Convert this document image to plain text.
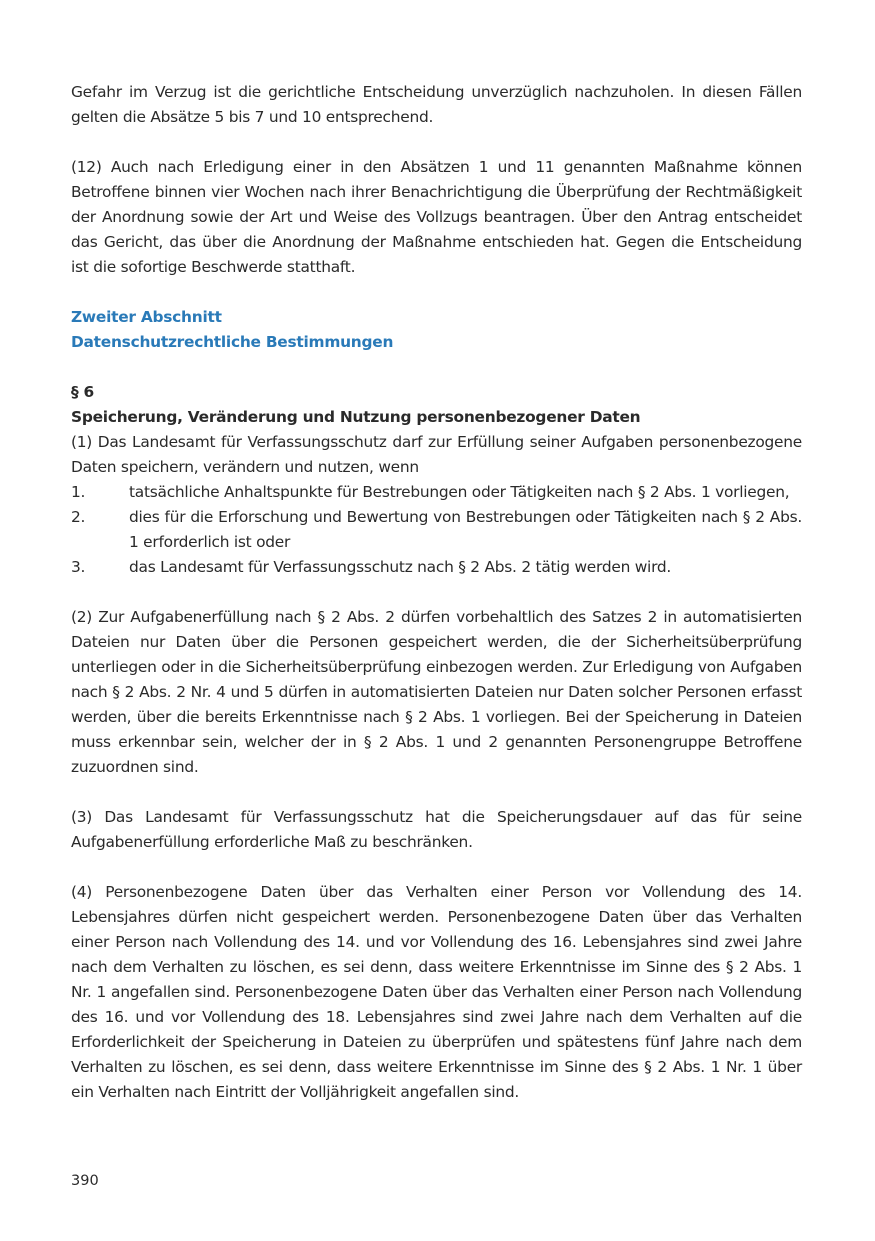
Gefahr im Verzug ist die gerichtliche Entscheidung unverzüglich nachzuholen. In diesen Fällen gelten die Absätze 5 bis 7 und 10 entsprechend.

(12) Auch nach Erledigung einer in den Absätzen 1 und 11 genannten Maßnahme können Betroffene binnen vier Wochen nach ihrer Benachrichtigung die Überprüfung der Rechtmäßigkeit der Anordnung sowie der Art und Weise des Vollzugs beantragen. Über den Antrag entscheidet das Gericht, das über die Anordnung der Maßnahme entschieden hat. Gegen die Entscheidung ist die sofortige Beschwerde statthaft.

Zweiter Abschnitt
Datenschutzrechtliche Bestimmungen
§ 6
Speicherung, Veränderung und Nutzung personenbezogener Daten

(1) Das Landesamt für Verfassungsschutz darf zur Erfüllung seiner Aufgaben personenbezogene Daten speichern, verändern und nutzen, wenn

1.	tatsächliche Anhaltspunkte für Bestrebungen oder Tätigkeiten nach § 2 Abs. 1 vorliegen,
2.	dies für die Erforschung und Bewertung von Bestrebungen oder Tätigkeiten nach § 2 Abs. 1 erforderlich ist oder
3.	das Landesamt für Verfassungsschutz nach § 2 Abs. 2 tätig werden wird.

(2) Zur Aufgabenerfüllung nach § 2 Abs. 2 dürfen vorbehaltlich des Satzes 2 in automatisierten Dateien nur Daten über die Personen gespeichert werden, die der Sicherheitsüberprüfung unterliegen oder in die Sicherheitsüberprüfung einbezogen werden. Zur Erledigung von Aufgaben nach § 2 Abs. 2 Nr. 4 und 5 dürfen in automatisierten Dateien nur Daten solcher Personen erfasst werden, über die bereits Erkenntnisse nach § 2 Abs. 1 vorliegen. Bei der Speicherung in Dateien muss erkennbar sein, welcher der in § 2 Abs. 1 und 2 genannten Personengruppe Betroffene zuzuordnen sind.

(3) Das Landesamt für Verfassungsschutz hat die Speicherungsdauer auf das für seine Aufgabenerfüllung erforderliche Maß zu beschränken.

(4) Personenbezogene Daten über das Verhalten einer Person vor Vollendung des 14. Lebensjahres dürfen nicht gespeichert werden. Personenbezogene Daten über das Verhalten einer Person nach Vollendung des 14. und vor Vollendung des 16. Lebensjahres sind zwei Jahre nach dem Verhalten zu löschen, es sei denn, dass weitere Erkenntnisse im Sinne des § 2 Abs. 1 Nr. 1 angefallen sind. Personenbezogene Daten über das Verhalten einer Person nach Vollendung des 16. und vor Vollendung des 18. Lebensjahres sind zwei Jahre nach dem Verhalten auf die Erforderlichkeit der Speicherung in Dateien zu überprüfen und spätestens fünf Jahre nach dem Verhalten zu löschen, es sei denn, dass weitere Erkenntnisse im Sinne des § 2 Abs. 1 Nr. 1 über ein Verhalten nach Eintritt der Volljährigkeit angefallen sind.

390
